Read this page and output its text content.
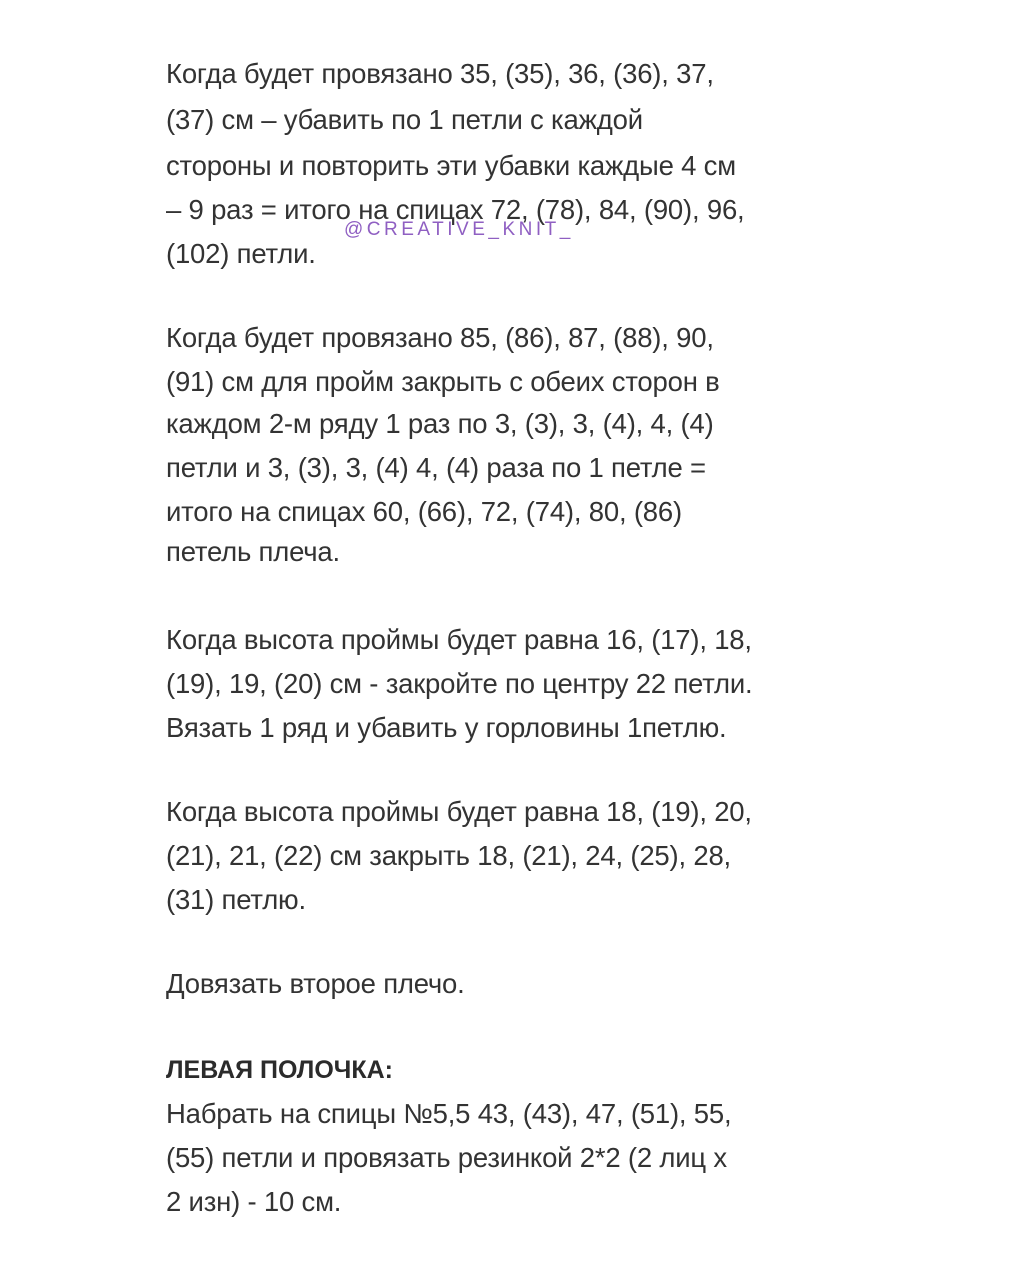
Когда будет провязано 35, (35), 36, (36), 37,
(37) см – убавить по 1 петли с каждой
стороны и повторить эти убавки каждые 4 см
– 9 раз = итого на спицах 72, (78), 84, (90), 96,
(102) петли.
@CREATIVE_KNIT_
Когда будет провязано 85, (86), 87, (88), 90,
(91) см для пройм закрыть с обеих сторон в
каждом 2-м ряду 1 раз по 3, (3), 3, (4), 4, (4)
петли и 3, (3), 3, (4) 4, (4) раза по 1 петле =
итого на спицах 60, (66), 72, (74), 80, (86)
петель плеча.
Когда высота проймы будет равна 16, (17), 18,
(19), 19, (20) см - закройте по центру 22 петли.
Вязать 1 ряд и убавить у горловины 1петлю.
Когда высота проймы будет равна 18, (19), 20,
(21), 21, (22) см закрыть 18, (21), 24, (25), 28,
(31) петлю.
Довязать второе плечо.
ЛЕВАЯ ПОЛОЧКА:
Набрать на спицы №5,5 43, (43), 47, (51), 55,
(55) петли и провязать резинкой 2*2 (2 лиц х
2 изн) - 10 см.
